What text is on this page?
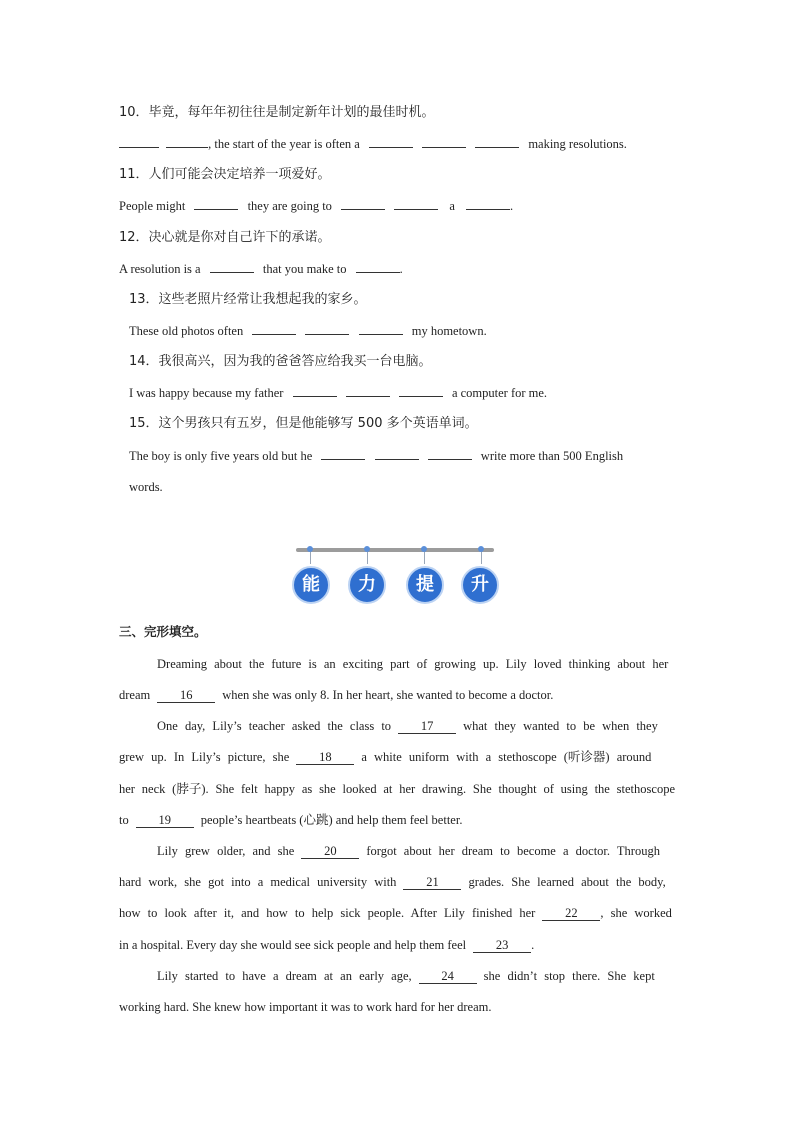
10．毕竟，每年年初往往是制定新年计划的最佳时机。
, the start of the year is often a	making resolutions.
11．人们可能会决定培养一项爱好。
People might	they are going to	a	.
12．决心就是你对自己许下的承诺。
A resolution is a	that you make to	.
13．这些老照片经常让我想起我的家乡。
These old photos often	my hometown.
14．我很高兴，因为我的爸爸答应给我买一台电脑。
I was happy because my father	a computer for me.
15．这个男孩只有五岁，但是他能够写 500 多个英语单词。
The boy is only five years old but he	write more than 500 English
words.
能	力	提	升
三、完形填空。
Dreaming about the future is an exciting part of growing up. Lily loved thinking about her
dream 16 when she was only 8. In her heart, she wanted to become a doctor.
One day, Lily’s teacher asked the class to 17 what they wanted to be when they
grew up. In Lily’s picture, she 18 a white uniform with a stethoscope (听诊器) around
her neck (脖子). She felt happy as she looked at her drawing. She thought of using the stethoscope
to 19 people’s heartbeats (心跳) and help them feel better.
Lily grew older, and she 20 forgot about her dream to become a doctor. Through
hard work, she got into a medical university with 21 grades. She learned about the body,
how to look after it, and how to help sick people. After Lily finished her 22 , she worked
in a hospital. Every day she would see sick people and help them feel 23 .
Lily started to have a dream at an early age, 24 she didn’t stop there. She kept
working hard. She knew how important it was to work hard for her dream.
